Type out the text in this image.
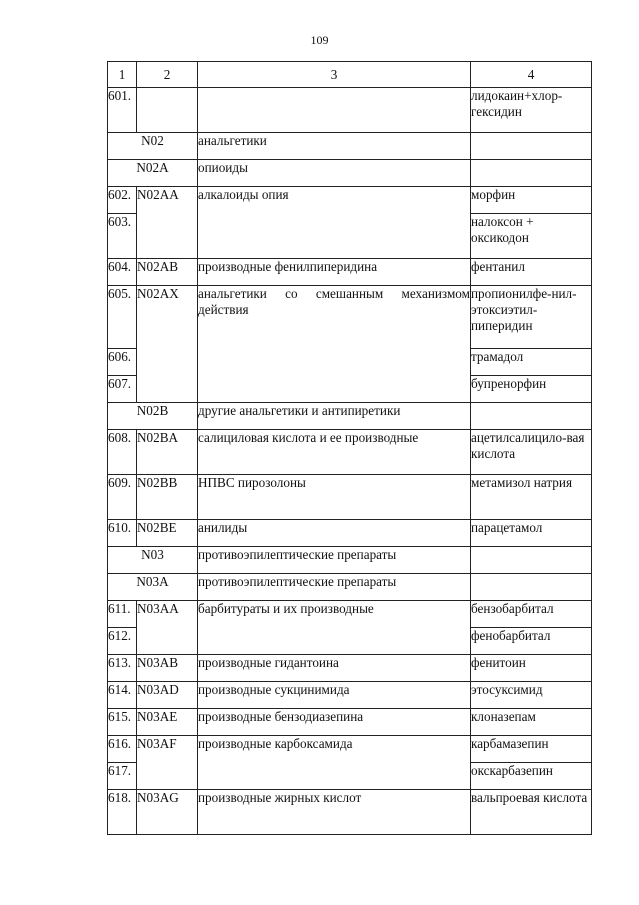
109
1	2	3	4
601.			лидокаин+хлор-гексидин
N02		анальгетики	
N02A		опиоиды	
602.	N02AA	алкалоиды опия	морфин
603.			налоксон + оксикодон
604.	N02AB	производные фенилпиперидина	фентанил
605.	N02AX	анальгетики со смешанным механизмом действия	пропионилфе-нил-этоксиэтил-пиперидин
606.			трамадол
607.			бупренорфин
N02B		другие анальгетики и антипиретики	
608.	N02BA	салициловая кислота и ее производные	ацетилсалицило-вая кислота
609.	N02BB	НПВС пирозолоны	метамизол натрия
610.	N02BE	анилиды	парацетамол
N03		противоэпилептические препараты	
N03A		противоэпилептические препараты	
611.	N03AA	барбитураты и их производные	бензобарбитал
612.			фенобарбитал
613.	N03AB	производные гидантоина	фенитоин
614.	N03AD	производные сукцинимида	этосуксимид
615.	N03AE	производные бензодиазепина	клоназепам
616.	N03AF	производные карбоксамида	карбамазепин
617.			окскарбазепин
618.	N03AG	производные жирных кислот	вальпроевая кислота
